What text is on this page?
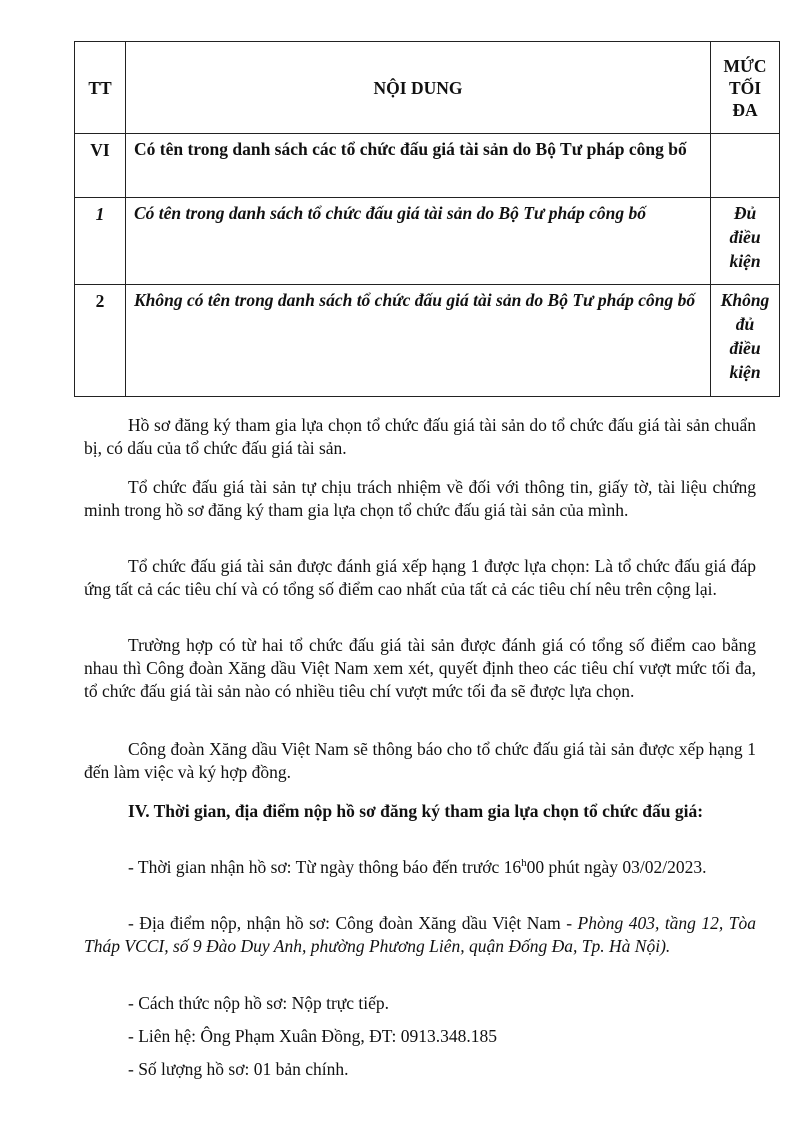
TT	NỘI DUNG	MỨC
TỐI
ĐA

VI	Có tên trong danh sách các tổ chức đấu giá tài sản do Bộ Tư pháp công bố	
1	Có tên trong danh sách tổ chức đấu giá tài sản do Bộ Tư pháp công bố	Đủ
điều
kiện

2	Không có tên trong danh sách tổ chức đấu giá tài sản do Bộ Tư pháp công bố	Không
đủ
điều
kiện

Hồ sơ đăng ký tham gia lựa chọn tổ chức đấu giá tài sản do tổ chức đấu giá tài sản chuẩn bị, có dấu của tổ chức đấu giá tài sản.

Tổ chức đấu giá tài sản tự chịu trách nhiệm về đối với thông tin, giấy tờ, tài liệu chứng minh trong hồ sơ đăng ký tham gia lựa chọn tổ chức đấu giá tài sản của mình.

Tổ chức đấu giá tài sản được đánh giá xếp hạng 1 được lựa chọn: Là tổ chức đấu giá đáp ứng tất cả các tiêu chí và có tổng số điểm cao nhất của tất cả các tiêu chí nêu trên cộng lại.

Trường hợp có từ hai tổ chức đấu giá tài sản được đánh giá có tổng số điểm cao bằng nhau thì Công đoàn Xăng dầu Việt Nam xem xét, quyết định theo các tiêu chí vượt mức tối đa, tổ chức đấu giá tài sản nào có nhiều tiêu chí vượt mức tối đa sẽ được lựa chọn.

Công đoàn Xăng dầu Việt Nam sẽ thông báo cho tổ chức đấu giá tài sản được xếp hạng 1 đến làm việc và ký hợp đồng.

IV. Thời gian, địa điểm nộp hồ sơ đăng ký tham gia lựa chọn tổ chức đấu giá:

- Thời gian nhận hồ sơ: Từ ngày thông báo đến trước 16$^h$00 phút ngày 03/02/2023.

- Địa điểm nộp, nhận hồ sơ: Công đoàn Xăng dầu Việt Nam - Phòng 403, tầng 12, Tòa Tháp VCCI, số 9 Đào Duy Anh, phường Phương Liên, quận Đống Đa, Tp. Hà Nội).

- Cách thức nộp hồ sơ: Nộp trực tiếp.

- Liên hệ: Ông Phạm Xuân Đồng, ĐT: 0913.348.185

- Số lượng hồ sơ: 01 bản chính.
